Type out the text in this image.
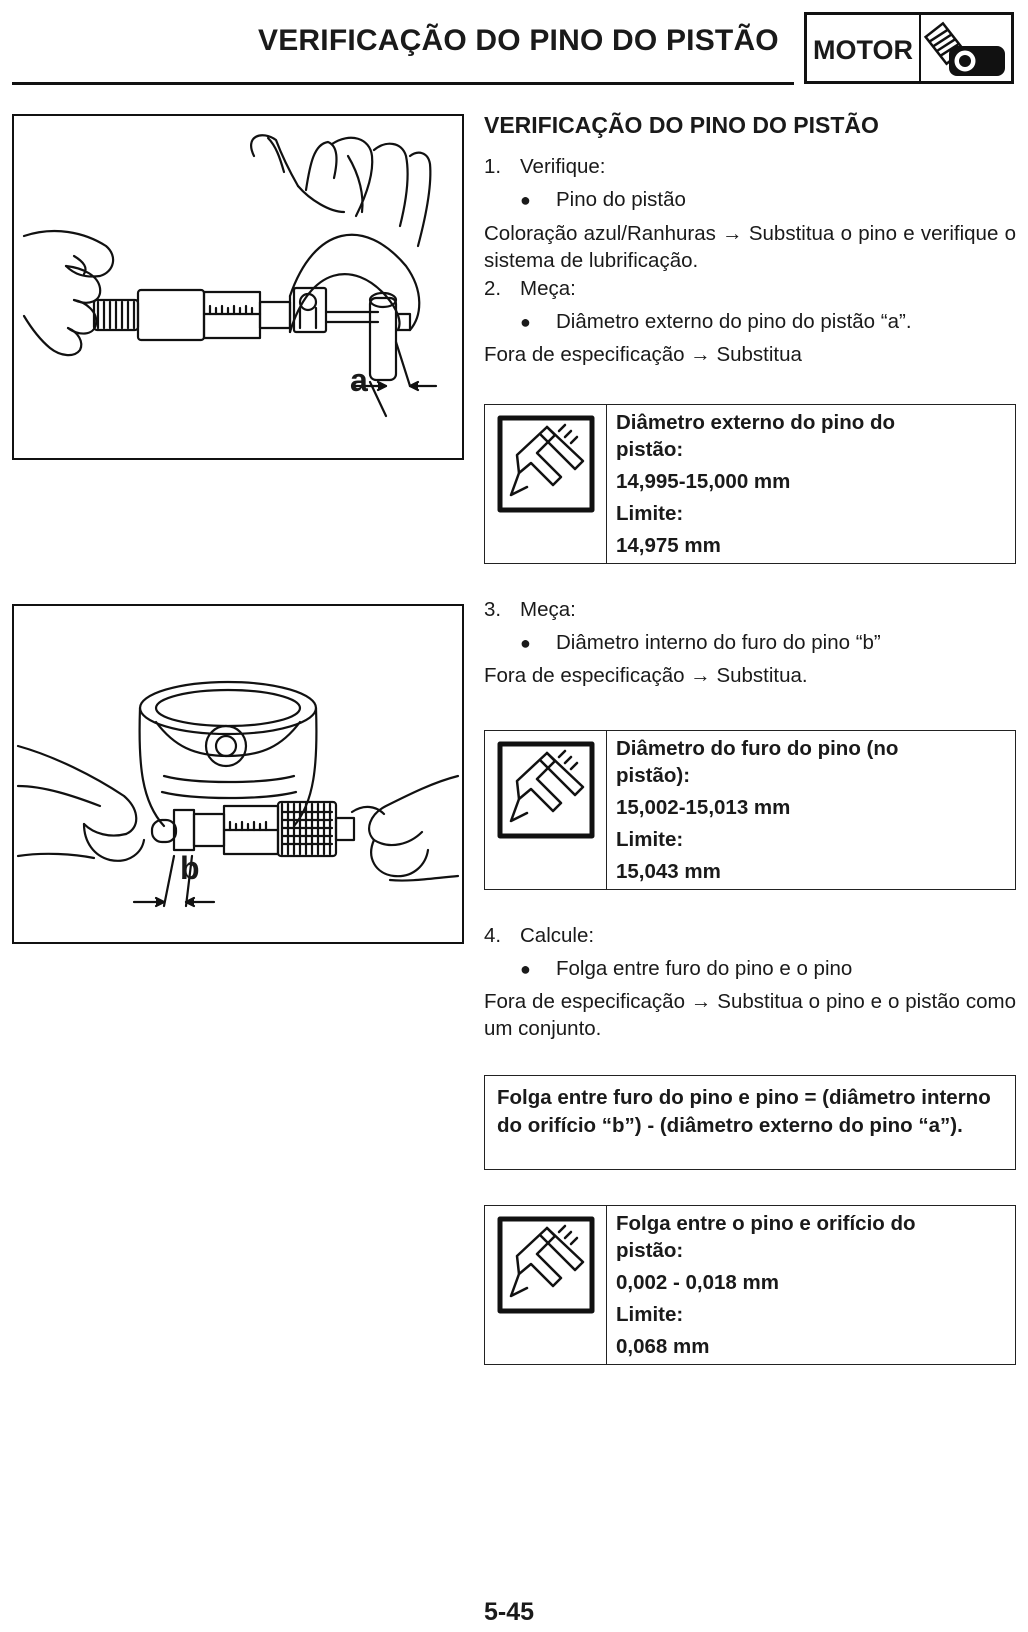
VERIFICAÇÃO DO PINO DO PISTÃO MOTOR
a
b
VERIFICAÇÃO DO PINO DO PISTÃO
1. Verifique:
● Pino do pistão
Coloração azul/Ranhuras → Substitua o pino e verifique o sistema de lubrificação.
2. Meça:
● Diâmetro externo do pino do pistão “a”.
Fora de especificação → Substitua
Diâmetro externo do pino do
pistão:
14,995-15,000 mm
Limite:
14,975 mm
3. Meça:
● Diâmetro interno do furo do pino “b”
Fora de especificação → Substitua.
Diâmetro do furo do pino (no
pistão):
15,002-15,013 mm
Limite:
15,043 mm
4. Calcule:
● Folga entre furo do pino e o pino
Fora de especificação → Substitua o pino e o pistão como um conjunto.
Folga entre furo do pino e pino = (diâmetro interno do orifício “b”) - (diâmetro externo do pino “a”).
Folga entre o pino e orifício do
pistão:
0,002 - 0,018 mm
Limite:
0,068 mm
5-45
